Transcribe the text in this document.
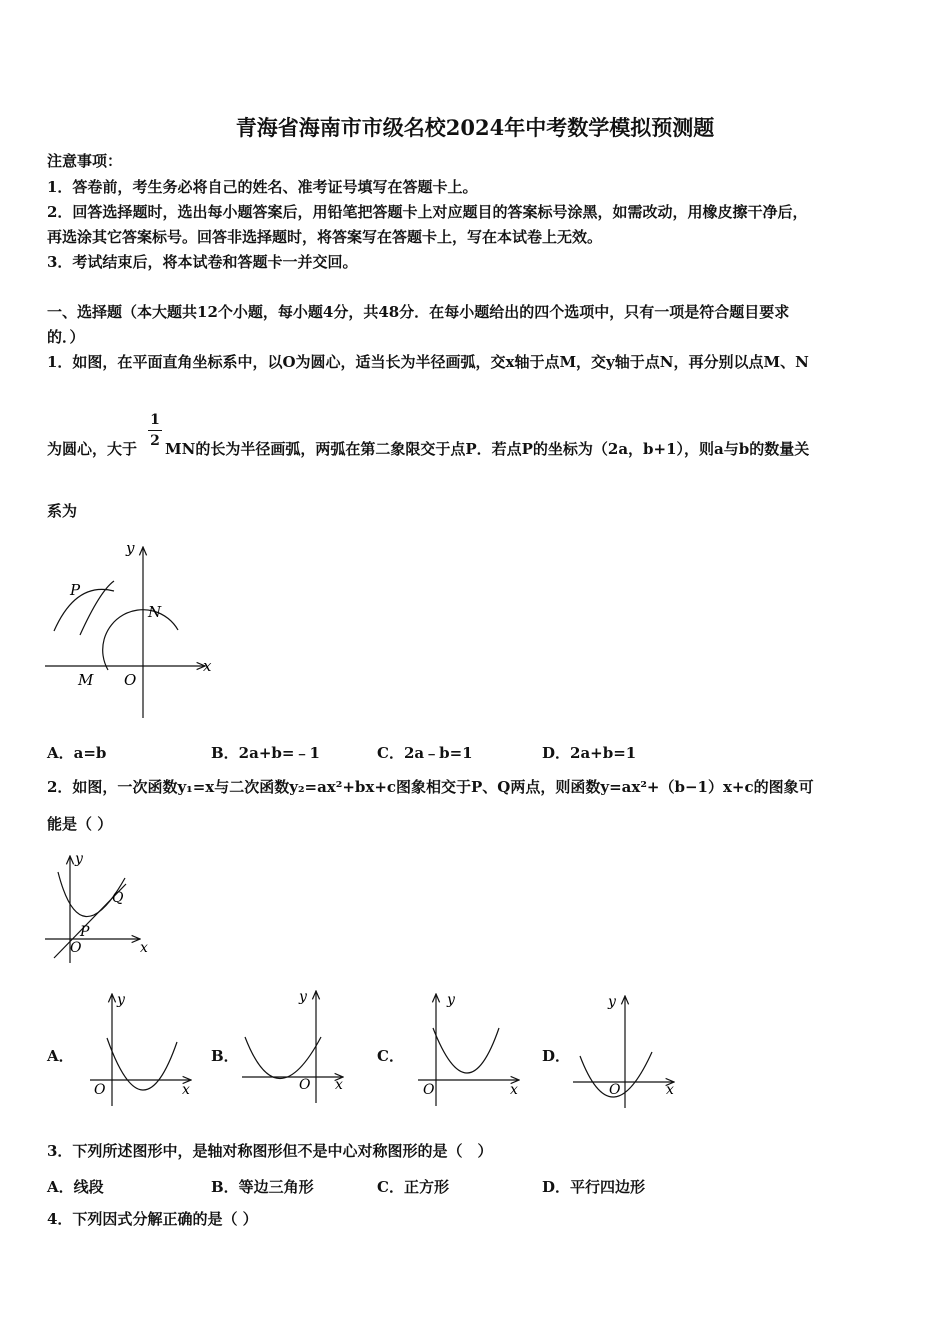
青海省海南市市级名校2024年中考数学模拟预测题
注意事项：
1．答卷前，考生务必将自己的姓名、准考证号填写在答题卡上。
2．回答选择题时，选出每小题答案后，用铅笔把答题卡上对应题目的答案标号涂黑，如需改动，用橡皮擦干净后，
再选涂其它答案标号。回答非选择题时，将答案写在答题卡上，写在本试卷上无效。
3．考试结束后，将本试卷和答题卡一并交回。
一、选择题（本大题共12个小题，每小题4分，共48分．在每小题给出的四个选项中，只有一项是符合题目要求
的．）
1．如图，在平面直角坐标系中，以O为圆心，适当长为半径画弧，交x轴于点M，交y轴于点N，再分别以点M、N
为圆心，大于
1
2 MN的长为半径画弧，两弧在第二象限交于点P．若点P的坐标为（2a，b+1），则a与b的数量关
系为
y
x
P
N
M O
A．a=b	B．2a+b=﹣1	C．2a﹣b=1	D．2a+b=1
2．如图，一次函数y₁=x与二次函数y₂=ax²+bx+c图象相交于P、Q两点，则函数y=ax²+（b−1）x+c的图象可
能是（ ）
y
x
O
P
Q
A．	B．	C．	D．
y
x
O
y
x
O
y
x
O
y
x
O
3．下列所述图形中，是轴对称图形但不是中心对称图形的是（　）
A．线段	B．等边三角形	C．正方形	D．平行四边形
4．下列因式分解正确的是（ ）
